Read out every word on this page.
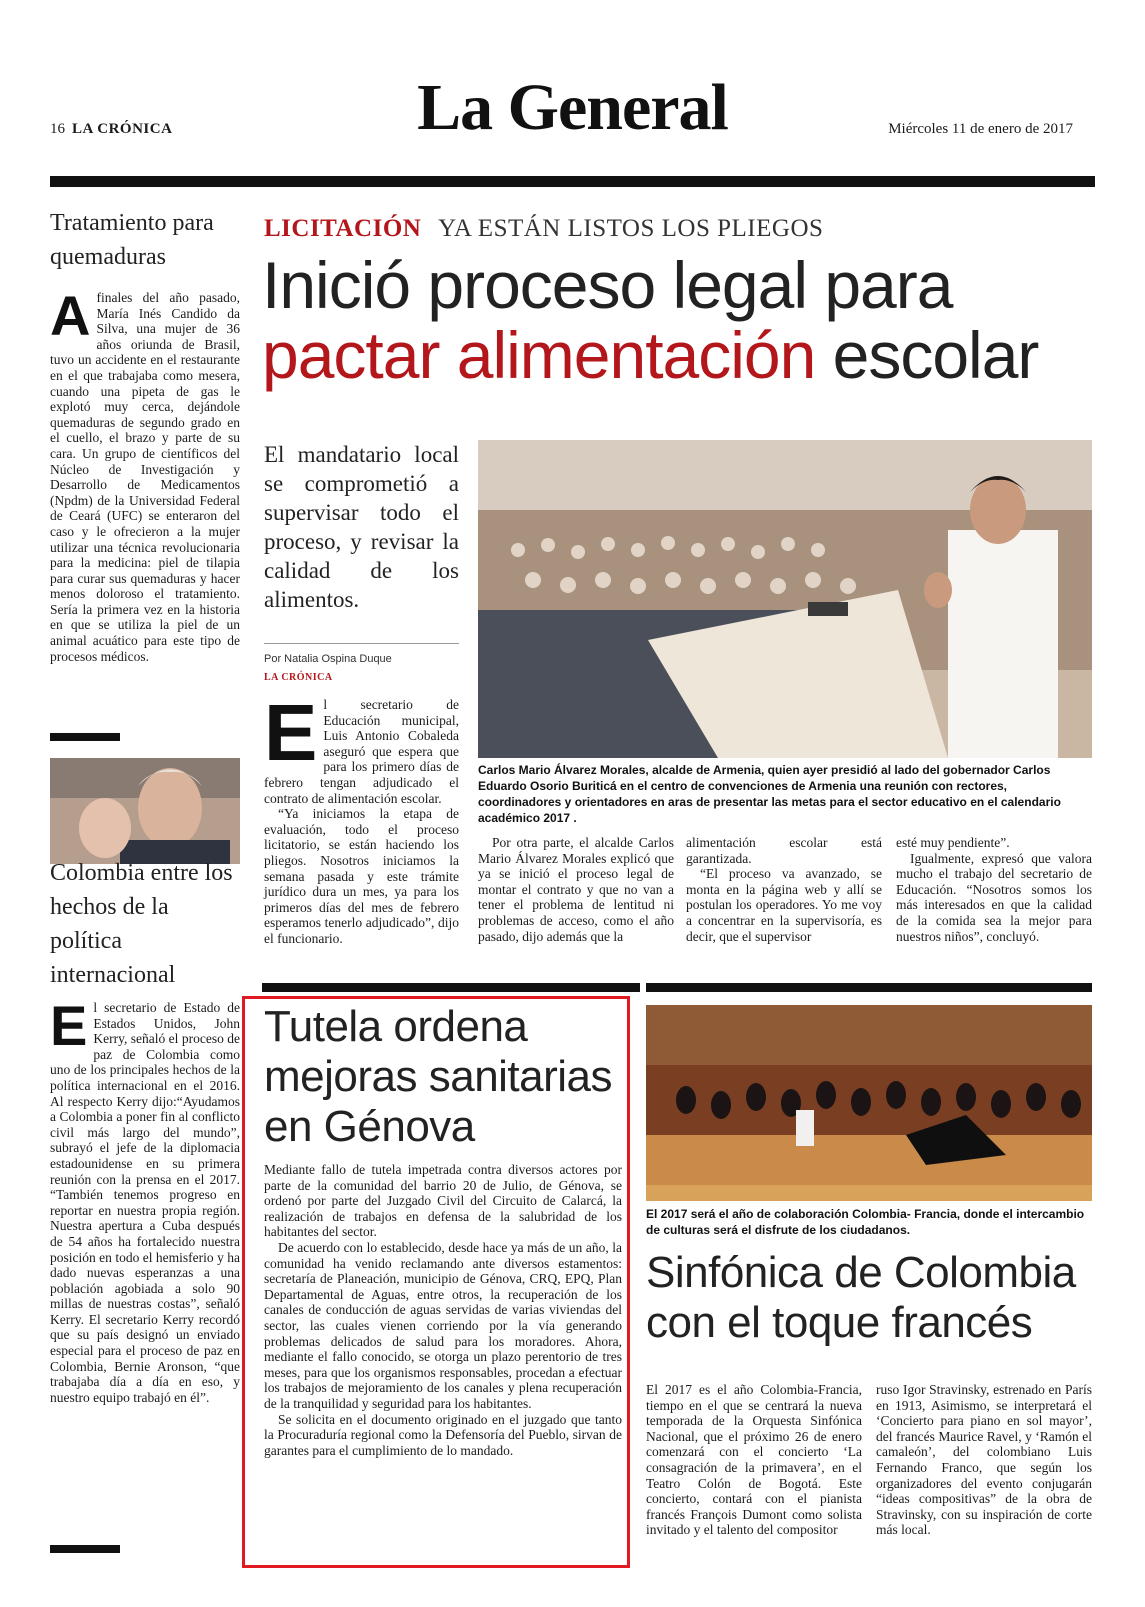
16 LA CRÓNICA	La General	Miércoles 11 de enero de 2017
Tratamiento para quemaduras
A finales del año pasado, María Inés Candido da Silva, una mujer de 36 años oriunda de Brasil, tuvo un accidente en el restaurante en el que trabajaba como mesera, cuando una pipeta de gas le explotó muy cerca, dejándole quemaduras de segundo grado en el cuello, el brazo y parte de su cara. Un grupo de científicos del Núcleo de Investigación y Desarrollo de Medicamentos (Npdm) de la Universidad Federal de Ceará (UFC) se enteraron del caso y le ofrecieron a la mujer utilizar una técnica revolucionaria para la medicina: piel de tilapia para curar sus quemaduras y hacer menos doloroso el tratamiento. Sería la primera vez en la historia en que se utiliza la piel de un animal acuático para este tipo de procesos médicos.
Colombia entre los hechos de la política internacional
E l secretario de Estado de Estados Unidos, John Kerry, señaló el proceso de paz de Colombia como uno de los principales hechos de la política internacional en el 2016. Al respecto Kerry dijo:“Ayudamos a Colombia a poner fin al conflicto civil más largo del mundo”, subrayó el jefe de la diplomacia estadounidense en su primera reunión con la prensa en el 2017. “También tenemos progreso en reportar en nuestra propia región. Nuestra apertura a Cuba después de 54 años ha fortalecido nuestra posición en todo el hemisferio y ha dado nuevas esperanzas a una población agobiada a solo 90 millas de nuestras costas”, señaló Kerry. El secretario Kerry recordó que su país designó un enviado especial para el proceso de paz en Colombia, Bernie Aronson, “que trabajaba día a día en eso, y nuestro equipo trabajó en él”.
LICITACIÓN YA ESTÁN LISTOS LOS PLIEGOS
Inició proceso legal para
pactar alimentación escolar
El mandatario local se comprometió a supervisar todo el proceso, y revisar la calidad de los alimentos.
Por Natalia Ospina Duque
LA CRÓNICA

El secretario de Educación municipal, Luis Antonio Cobaleda aseguró que espera que para los primero días de febrero tengan adjudicado el contrato de alimentación escolar.

“Ya iniciamos la etapa de evaluación, todo el proceso licitatorio, se están haciendo los pliegos. Nosotros iniciamos la semana pasada y este trámite jurídico dura un mes, ya para los primeros días del mes de febrero esperamos tenerlo adjudicado”, dijo el funcionario.

Carlos Mario Álvarez Morales, alcalde de Armenia, quien ayer presidió al lado del gobernador Carlos Eduardo Osorio Buriticá en el centro de convenciones de Armenia una reunión con rectores, coordinadores y orientadores en aras de presentar las metas para el sector educativo en el calendario académico 2017 .

Por otra parte, el alcalde Carlos Mario Álvarez Morales explicó que ya se inició el proceso legal de montar el contrato y que no van a tener el problema de lentitud ni problemas de acceso, como el año pasado, dijo además que la

alimentación escolar está garantizada.

“El proceso va avanzado, se monta en la página web y allí se postulan los operadores. Yo me voy a concentrar en la supervisoría, es decir, que el supervisor

esté muy pendiente”.

Igualmente, expresó que valora mucho el trabajo del secretario de Educación. “Nosotros somos los más interesados en que la calidad de la comida sea la mejor para nuestros niños”, concluyó.

Tutela ordena mejoras sanitarias en Génova

Mediante fallo de tutela impetrada contra diversos actores por parte de la comunidad del barrio 20 de Julio, de Génova, se ordenó por parte del Juzgado Civil del Circuito de Calarcá, la realización de trabajos en defensa de la salubridad de los habitantes del sector.

De acuerdo con lo establecido, desde hace ya más de un año, la comunidad ha venido reclamando ante diversos estamentos: secretaría de Planeación, municipio de Génova, CRQ, EPQ, Plan Departamental de Aguas, entre otros, la recuperación de los canales de conducción de aguas servidas de varias viviendas del sector, las cuales vienen corriendo por la vía generando problemas delicados de salud para los moradores. Ahora, mediante el fallo conocido, se otorga un plazo perentorio de tres meses, para que los organismos responsables, procedan a efectuar los trabajos de mejoramiento de los canales y plena recuperación de la tranquilidad y seguridad para los habitantes.

Se solicita en el documento originado en el juzgado que tanto la Procuraduría regional como la Defensoría del Pueblo, sirvan de garantes para el cumplimiento de lo mandado.

El 2017 será el año de colaboración Colombia- Francia, donde el intercambio de culturas será el disfrute de los ciudadanos.
Sinfónica de Colombia con el toque francés

El 2017 es el año Colombia-Francia, tiempo en el que se centrará la nueva temporada de la Orquesta Sinfónica Nacional, que el próximo 26 de enero comenzará con el concierto ‘La consagración de la primavera’, en el Teatro Colón de Bogotá. Este concierto, contará con el pianista francés François Dumont como solista invitado y el talento del compositor

ruso Igor Stravinsky, estrenado en París en 1913, Asimismo, se interpretará el ‘Concierto para piano en sol mayor’, del francés Maurice Ravel, y ‘Ramón el camaleón’, del colombiano Luis Fernando Franco, que según los organizadores del evento conjugarán “ideas compositivas” de la obra de Stravinsky, con su inspiración de corte más local.
